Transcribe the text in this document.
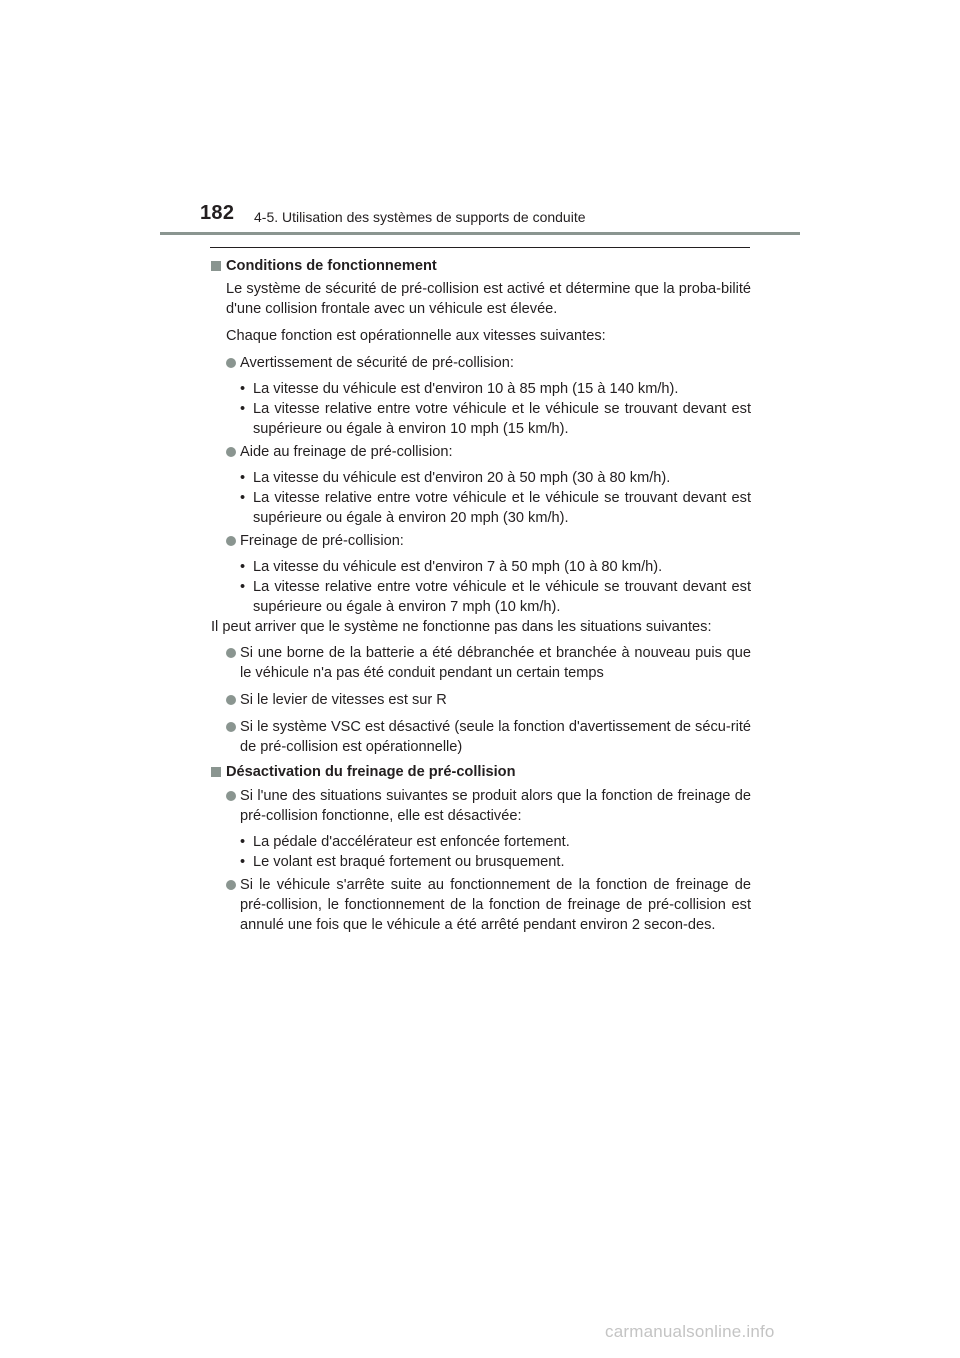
182 4-5. Utilisation des systèmes de supports de conduite
Conditions de fonctionnement
Le système de sécurité de pré-collision est activé et détermine que la proba-bilité d'une collision frontale avec un véhicule est élevée.
Chaque fonction est opérationnelle aux vitesses suivantes:
Avertissement de sécurité de pré-collision:
• La vitesse du véhicule est d'environ 10 à 85 mph (15 à 140 km/h).
• La vitesse relative entre votre véhicule et le véhicule se trouvant devant est supérieure ou égale à environ 10 mph (15 km/h).
Aide au freinage de pré-collision:
• La vitesse du véhicule est d'environ 20 à 50 mph (30 à 80 km/h).
• La vitesse relative entre votre véhicule et le véhicule se trouvant devant est supérieure ou égale à environ 20 mph (30 km/h).
Freinage de pré-collision:
• La vitesse du véhicule est d'environ 7 à 50 mph (10 à 80 km/h).
• La vitesse relative entre votre véhicule et le véhicule se trouvant devant est supérieure ou égale à environ 7 mph (10 km/h).
Il peut arriver que le système ne fonctionne pas dans les situations suivantes:
Si une borne de la batterie a été débranchée et branchée à nouveau puis que le véhicule n'a pas été conduit pendant un certain temps
Si le levier de vitesses est sur R
Si le système VSC est désactivé (seule la fonction d'avertissement de sécu-rité de pré-collision est opérationnelle)
Désactivation du freinage de pré-collision
Si l'une des situations suivantes se produit alors que la fonction de freinage de pré-collision fonctionne, elle est désactivée:
• La pédale d'accélérateur est enfoncée fortement.
• Le volant est braqué fortement ou brusquement.
Si le véhicule s'arrête suite au fonctionnement de la fonction de freinage de pré-collision, le fonctionnement de la fonction de freinage de pré-collision est annulé une fois que le véhicule a été arrêté pendant environ 2 secon-des.
carmanualsonline.info
